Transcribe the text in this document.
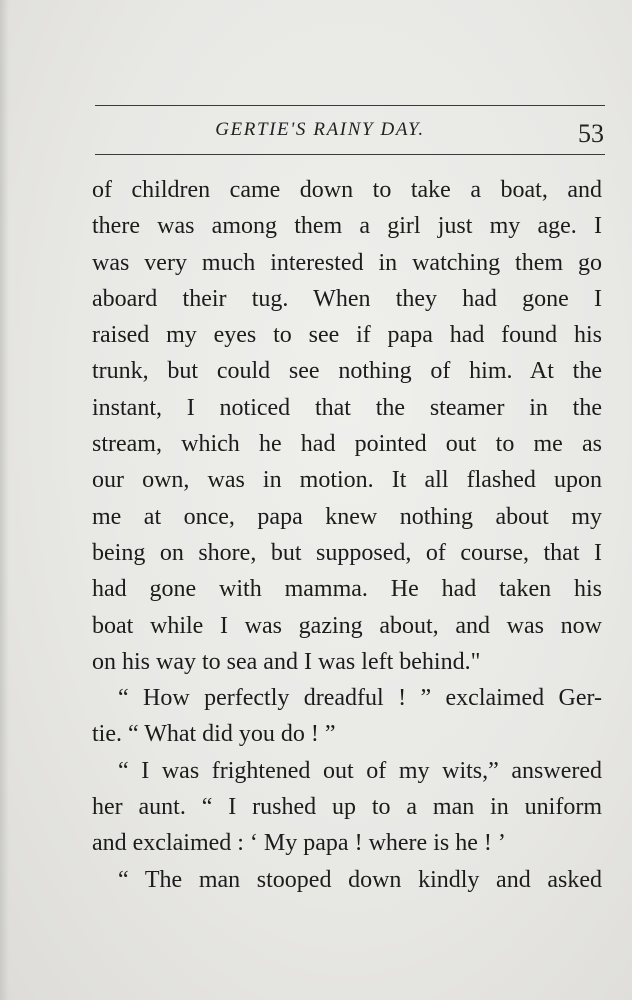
GERTIE'S RAINY DAY.	53
of children came down to take a boat, and
there was among them a girl just my age. I
was very much interested in watching them go
aboard their tug. When they had gone I
raised my eyes to see if papa had found his
trunk, but could see nothing of him. At the
instant, I noticed that the steamer in the
stream, which he had pointed out to me as
our own, was in motion. It all flashed upon
me at once, papa knew nothing about my
being on shore, but supposed, of course, that I
had gone with mamma. He had taken his
boat while I was gazing about, and was now
on his way to sea and I was left behind."
“ How perfectly dreadful ! ” exclaimed Ger-
tie. “ What did you do ! ”
“ I was frightened out of my wits,” answered
her aunt. “ I rushed up to a man in uniform
and exclaimed : ‘ My papa ! where is he ! ’
“ The man stooped down kindly and asked
